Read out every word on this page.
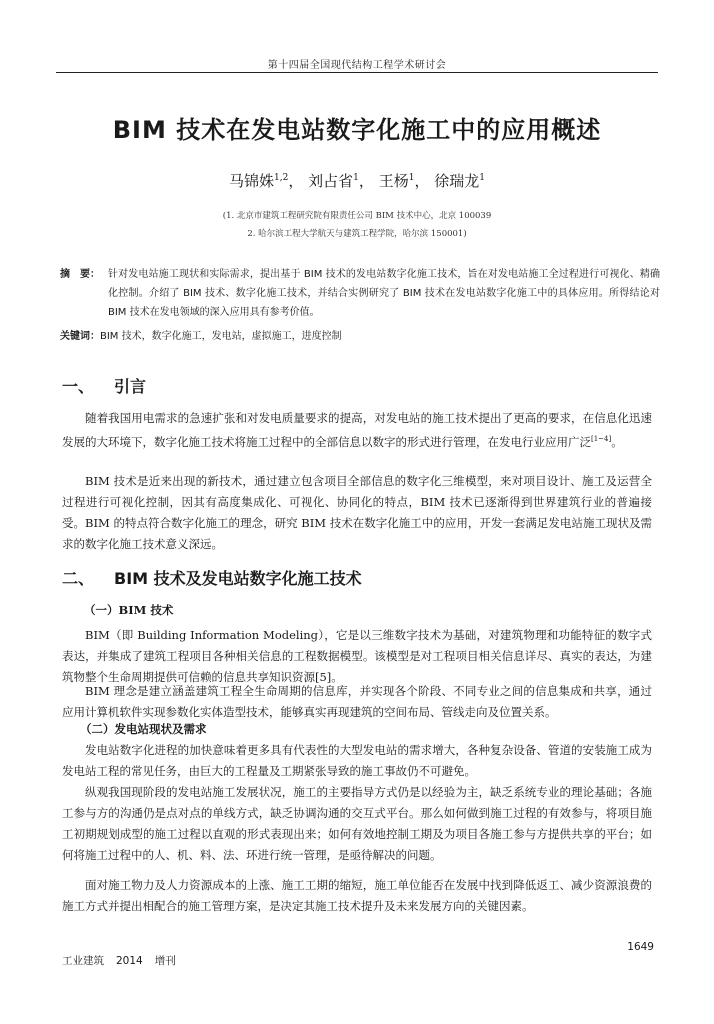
第十四届全国现代结构工程学术研讨会
BIM 技术在发电站数字化施工中的应用概述
马锦姝$^{1,2}$， 刘占省$^1$， 王杨$^1$， 徐瑞龙$^1$
(1. 北京市建筑工程研究院有限责任公司 BIM 技术中心，北京 100039
2. 哈尔滨工程大学航天与建筑工程学院，哈尔滨 150001)
摘　要： 针对发电站施工现状和实际需求，提出基于 BIM 技术的发电站数字化施工技术，旨在对发电站施工全过程进行可视化、精确化控制。介绍了 BIM 技术、数字化施工技术，并结合实例研究了 BIM 技术在发电站数字化施工中的具体应用。所得结论对 BIM 技术在发电领域的深入应用具有参考价值。
关键词：BIM 技术，数字化施工，发电站，虚拟施工，进度控制
一、 引言
随着我国用电需求的急速扩张和对发电质量要求的提高，对发电站的施工技术提出了更高的要求，在信息化迅速发展的大环境下，数字化施工技术将施工过程中的全部信息以数字的形式进行管理，在发电行业应用广泛[1~4]。
BIM 技术是近来出现的新技术，通过建立包含项目全部信息的数字化三维模型，来对项目设计、施工及运营全过程进行可视化控制，因其有高度集成化、可视化、协同化的特点，BIM 技术已逐渐得到世界建筑行业的普遍接受。BIM 的特点符合数字化施工的理念，研究 BIM 技术在数字化施工中的应用，开发一套满足发电站施工现状及需求的数字化施工技术意义深远。
二、 BIM 技术及发电站数字化施工技术
（一）BIM 技术
BIM（即 Building Information Modeling），它是以三维数字技术为基础，对建筑物理和功能特征的数字式表达，并集成了建筑工程项目各种相关信息的工程数据模型。该模型是对工程项目相关信息详尽、真实的表达，为建筑物整个生命周期提供可信赖的信息共享知识资源[5]。
BIM 理念是建立涵盖建筑工程全生命周期的信息库，并实现各个阶段、不同专业之间的信息集成和共享，通过应用计算机软件实现参数化实体造型技术，能够真实再现建筑的空间布局、管线走向及位置关系。
（二）发电站现状及需求
发电站数字化进程的加快意味着更多具有代表性的大型发电站的需求增大，各种复杂设备、管道的安装施工成为发电站工程的常见任务，由巨大的工程量及工期紧张导致的施工事故仍不可避免。
纵观我国现阶段的发电站施工发展状况，施工的主要指导方式仍是以经验为主，缺乏系统专业的理论基础；各施工参与方的沟通仍是点对点的单线方式，缺乏协调沟通的交互式平台。那么如何做到施工过程的有效参与，将项目施工初期规划成型的施工过程以直观的形式表现出来；如何有效地控制工期及为项目各施工参与方提供共享的平台；如何将施工过程中的人、机、料、法、环进行统一管理，是亟待解决的问题。
面对施工物力及人力资源成本的上涨、施工工期的缩短，施工单位能否在发展中找到降低返工、减少资源浪费的施工方式并提出相配合的施工管理方案，是决定其施工技术提升及未来发展方向的关键因素。
工业建筑 2014 增刊
1649
